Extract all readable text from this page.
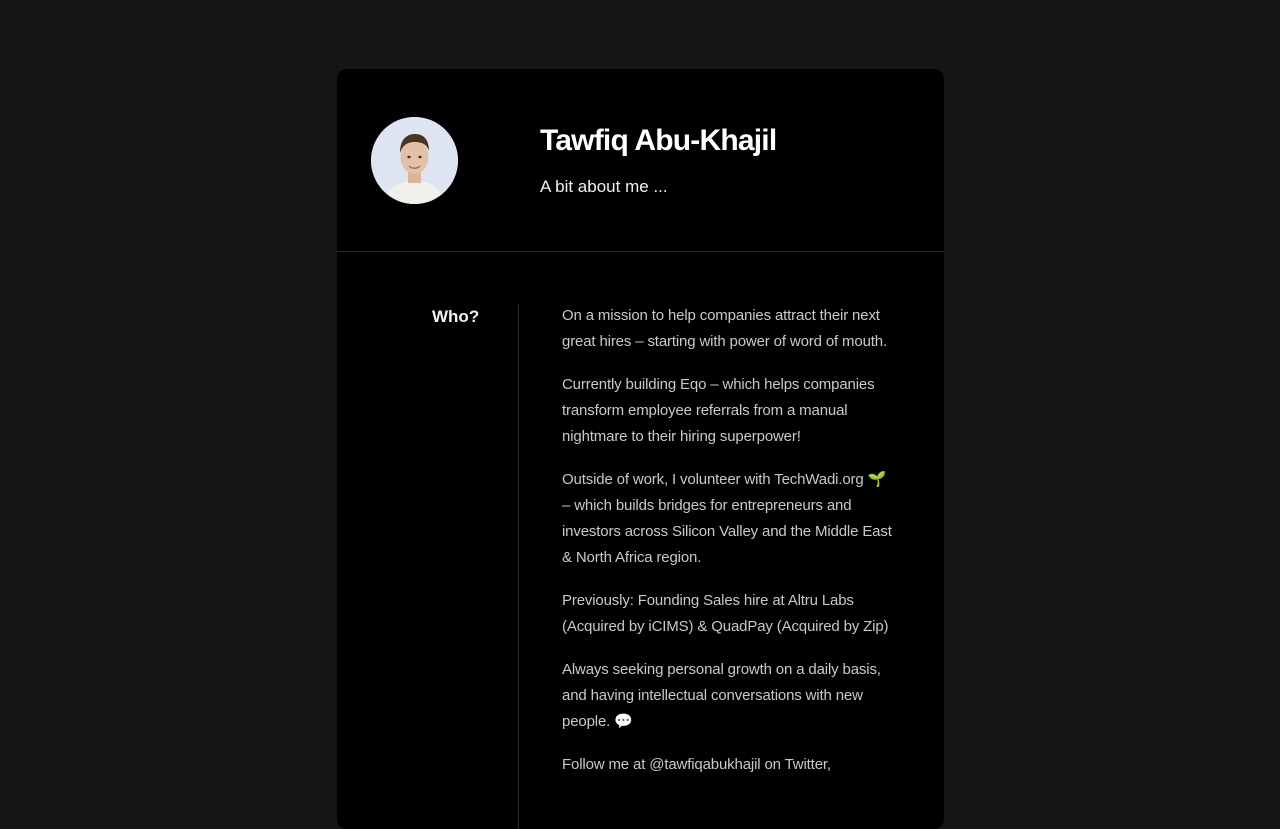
Tawfiq Abu-Khajil

A bit about me ...

Who?	On a mission to help companies attract their next great hires – starting with power of word of mouth.

Currently building Eqo – which helps companies transform employee referrals from a manual nightmare to their hiring superpower!

Outside of work, I volunteer with TechWadi.org 🌱 – which builds bridges for entrepreneurs and investors across Silicon Valley and the Middle East & North Africa region.

Previously: Founding Sales hire at Altru Labs (Acquired by iCIMS) & QuadPay (Acquired by Zip)

Always seeking personal growth on a daily basis, and having intellectual conversations with new people. 💬

Follow me at @tawfiqabukhajil on Twitter,
